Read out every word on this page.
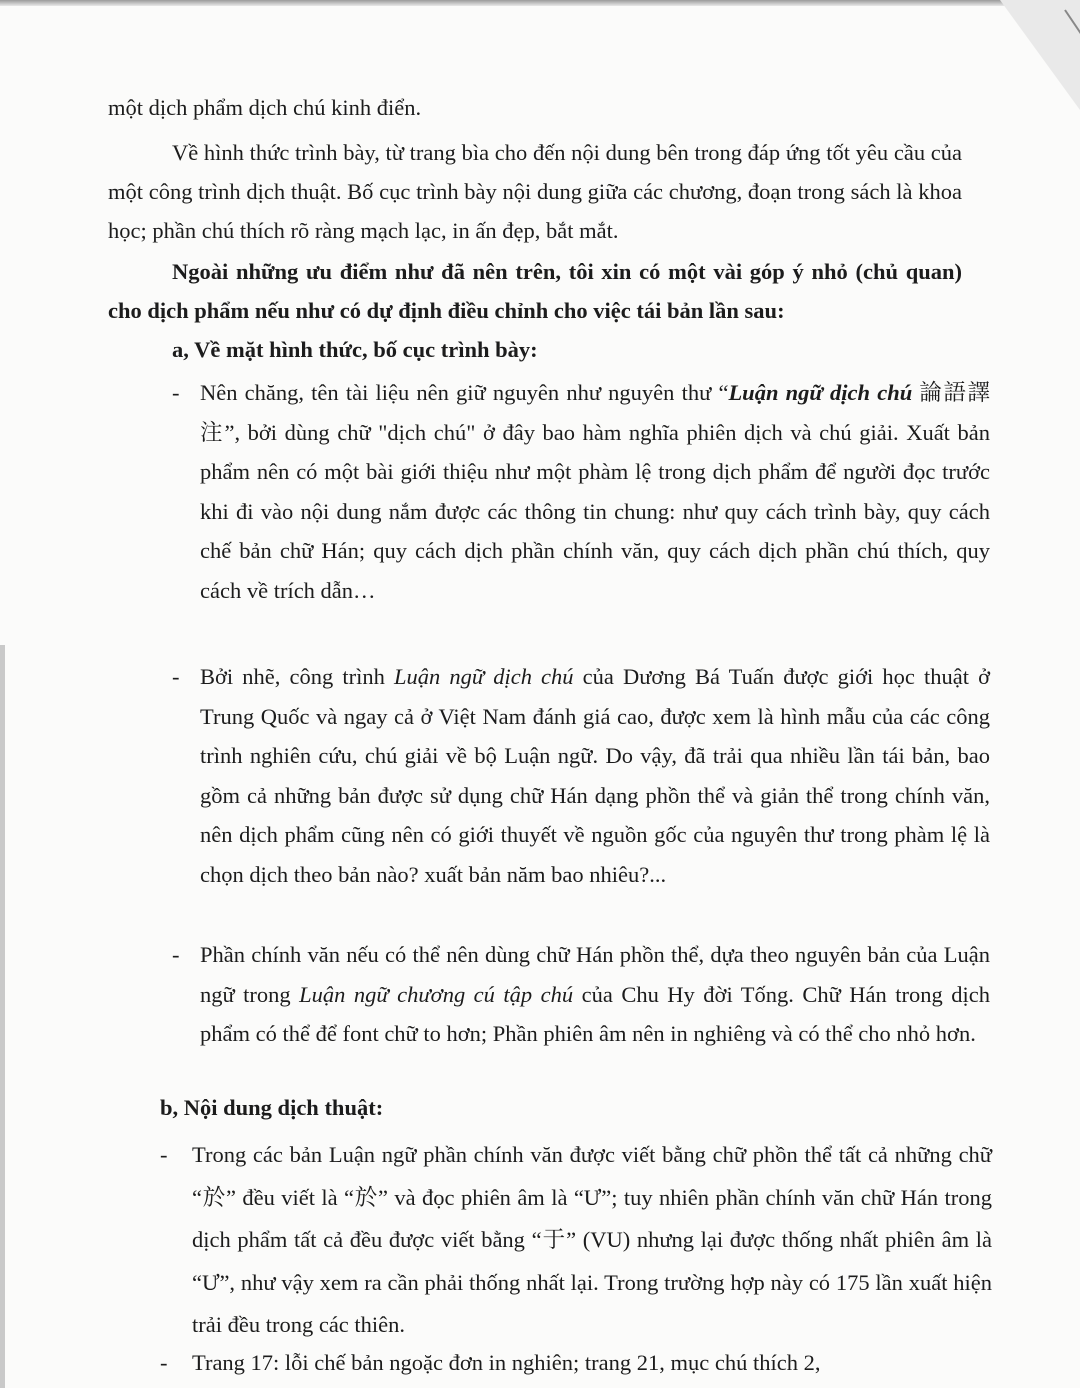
một dịch phẩm dịch chú kinh điển.
Về hình thức trình bày, từ trang bìa cho đến nội dung bên trong đáp ứng tốt yêu cầu của một công trình dịch thuật. Bố cục trình bày nội dung giữa các chương, đoạn trong sách là khoa học; phần chú thích rõ ràng mạch lạc, in ấn đẹp, bắt mắt.
Ngoài những ưu điểm như đã nên trên, tôi xin có một vài góp ý nhỏ (chủ quan) cho dịch phẩm nếu như có dự định điều chỉnh cho việc tái bản lần sau:
a, Về mặt hình thức, bố cục trình bày:
- Nên chăng, tên tài liệu nên giữ nguyên như nguyên thư “Luận ngữ dịch chú 論語譯注”, bởi dùng chữ "dịch chú" ở đây bao hàm nghĩa phiên dịch và chú giải. Xuất bản phẩm nên có một bài giới thiệu như một phàm lệ trong dịch phẩm để người đọc trước khi đi vào nội dung nắm được các thông tin chung: như quy cách trình bày, quy cách chế bản chữ Hán; quy cách dịch phần chính văn, quy cách dịch phần chú thích, quy cách về trích dẫn…
- Bởi nhẽ, công trình Luận ngữ dịch chú của Dương Bá Tuấn được giới học thuật ở Trung Quốc và ngay cả ở Việt Nam đánh giá cao, được xem là hình mẫu của các công trình nghiên cứu, chú giải về bộ Luận ngữ. Do vậy, đã trải qua nhiều lần tái bản, bao gồm cả những bản được sử dụng chữ Hán dạng phồn thể và giản thể trong chính văn, nên dịch phẩm cũng nên có giới thuyết về nguồn gốc của nguyên thư trong phàm lệ là chọn dịch theo bản nào? xuất bản năm bao nhiêu?...
- Phần chính văn nếu có thể nên dùng chữ Hán phồn thể, dựa theo nguyên bản của Luận ngữ trong Luận ngữ chương cú tập chú của Chu Hy đời Tống. Chữ Hán trong dịch phẩm có thể để font chữ to hơn; Phần phiên âm nên in nghiêng và có thể cho nhỏ hơn.
b, Nội dung dịch thuật:
- Trong các bản Luận ngữ phần chính văn được viết bằng chữ phồn thể tất cả những chữ “於” đều viết là “於” và đọc phiên âm là “Ư”; tuy nhiên phần chính văn chữ Hán trong dịch phẩm tất cả đều được viết bằng “于” (VU) nhưng lại được thống nhất phiên âm là “Ư”, như vậy xem ra cần phải thống nhất lại. Trong trường hợp này có 175 lần xuất hiện trải đều trong các thiên.
- Trang 17: lỗi chế bản ngoặc đơn in nghiên; trang 21, mục chú thích 2,
